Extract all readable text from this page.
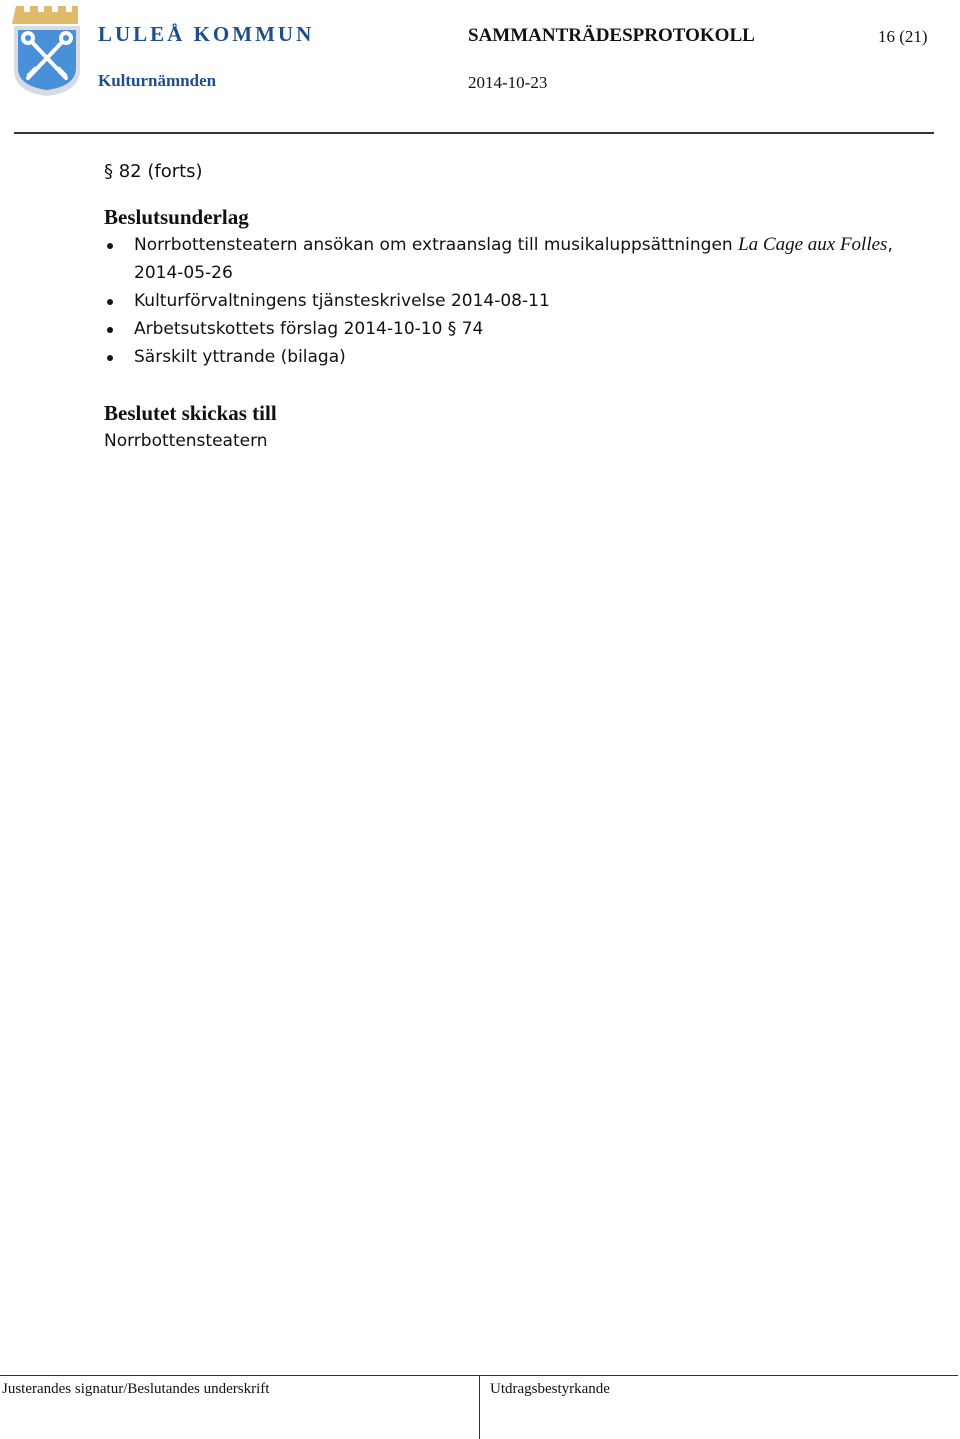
LULEÅ KOMMUN
Kulturnämnden
SAMMANTRÄDESPROTOKOLL
2014-10-23
16 (21)
§ 82 (forts)
Beslutsunderlag
Norrbottensteatern ansökan om extraanslag till musikaluppsättningen La Cage aux Folles, 2014-05-26
Kulturförvaltningens tjänsteskrivelse 2014-08-11
Arbetsutskottets förslag 2014-10-10 § 74
Särskilt yttrande (bilaga)
Beslutet skickas till
Norrbottensteatern
Justerandes signatur/Beslutandes underskrift	Utdragsbestyrkande
